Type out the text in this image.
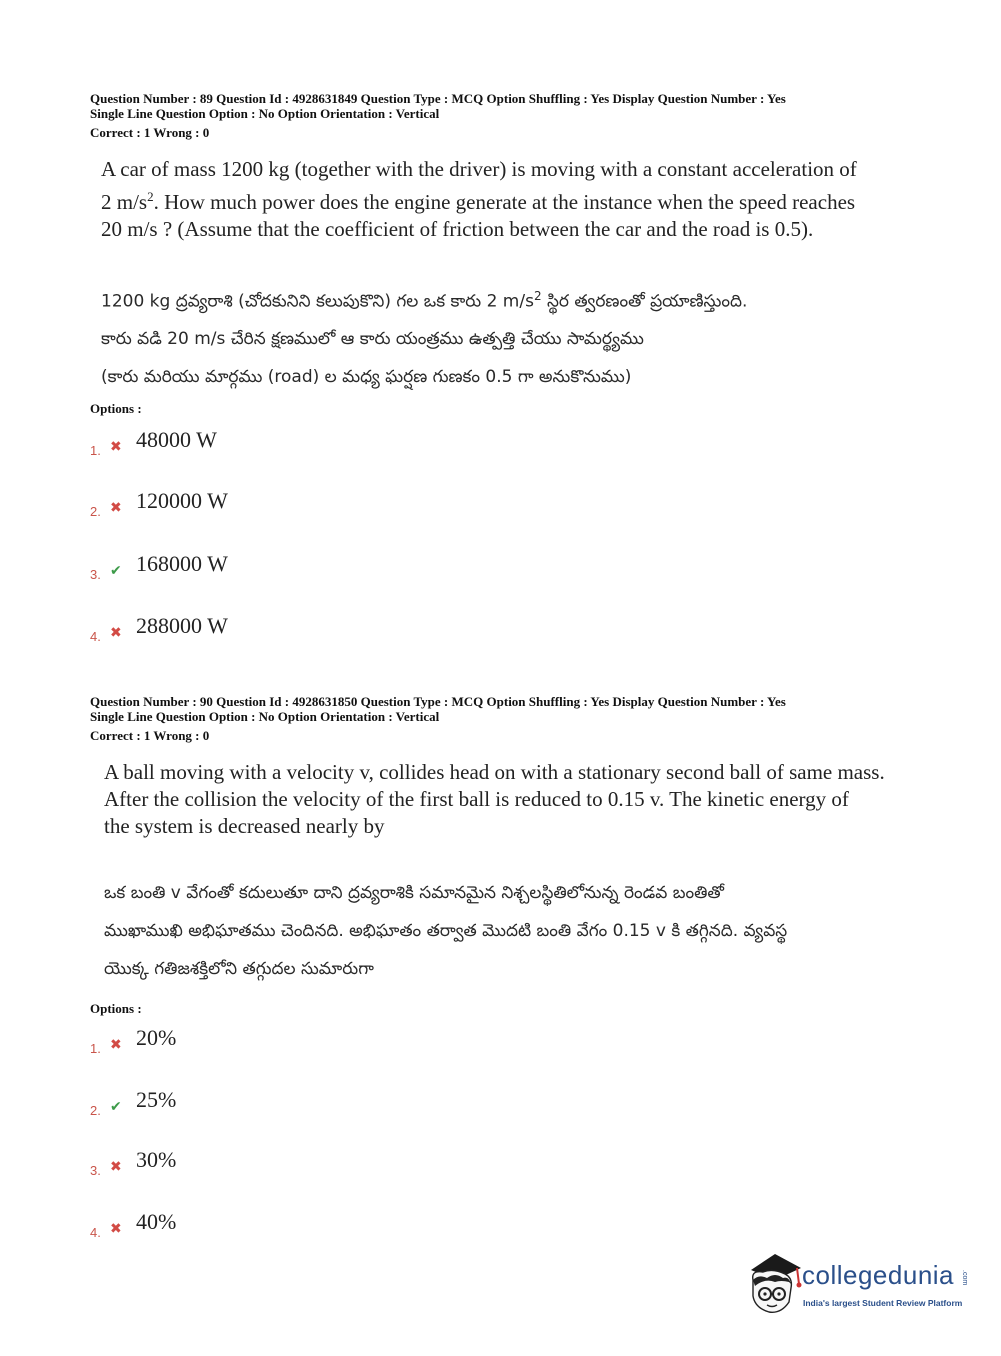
Question Number : 89 Question Id : 4928631849 Question Type : MCQ Option Shuffling : Yes Display Question Number : Yes
Single Line Question Option : No Option Orientation : Vertical
Correct : 1 Wrong : 0
A car of mass 1200 kg (together with the driver) is moving with a constant acceleration of
2 $m/s^2$. How much power does the engine generate at the instance when the speed reaches
20 m/s ? (Assume that the coefficient of friction between the car and the road is 0.5).
1200 kg ద్రవ్యరాశి (చోదకునిని కలుపుకొని) గల ఒక కారు 2 $m/s^2$ స్థిర త్వరణంతో ప్రయాణిస్తుంది.
కారు వడి 20 m/s చేరిన క్షణములో ఆ కారు యంత్రము ఉత్పత్తి చేయు సామర్థ్యము
(కారు మరియు మార్గము (road) ల మధ్య ఘర్షణ గుణకం 0.5 గా అనుకొనుము)
Options :
1. ✖ 48000 W
2. ✖ 120000 W
3. ✔ 168000 W
4. ✖ 288000 W
Question Number : 90 Question Id : 4928631850 Question Type : MCQ Option Shuffling : Yes Display Question Number : Yes
Single Line Question Option : No Option Orientation : Vertical
Correct : 1 Wrong : 0
A ball moving with a velocity v, collides head on with a stationary second ball of same mass.
After the collision the velocity of the first ball is reduced to 0.15 v. The kinetic energy of
the system is decreased nearly by
ఒక బంతి v వేగంతో కదులుతూ దాని ద్రవ్యరాశికి సమానమైన నిశ్చలస్థితిలోనున్న రెండవ బంతితో
ముఖాముఖి అభిఘాతము చెందినది. అభిఘాతం తర్వాత మొదటి బంతి వేగం 0.15 v కి తగ్గినది. వ్యవస్థ
యొక్క గతిజశక్తిలోని తగ్గుదల సుమారుగా
Options :
1. ✖ 20%
2. ✔ 25%
3. ✖ 30%
4. ✖ 40%
collegedunia .com
India's largest Student Review Platform
